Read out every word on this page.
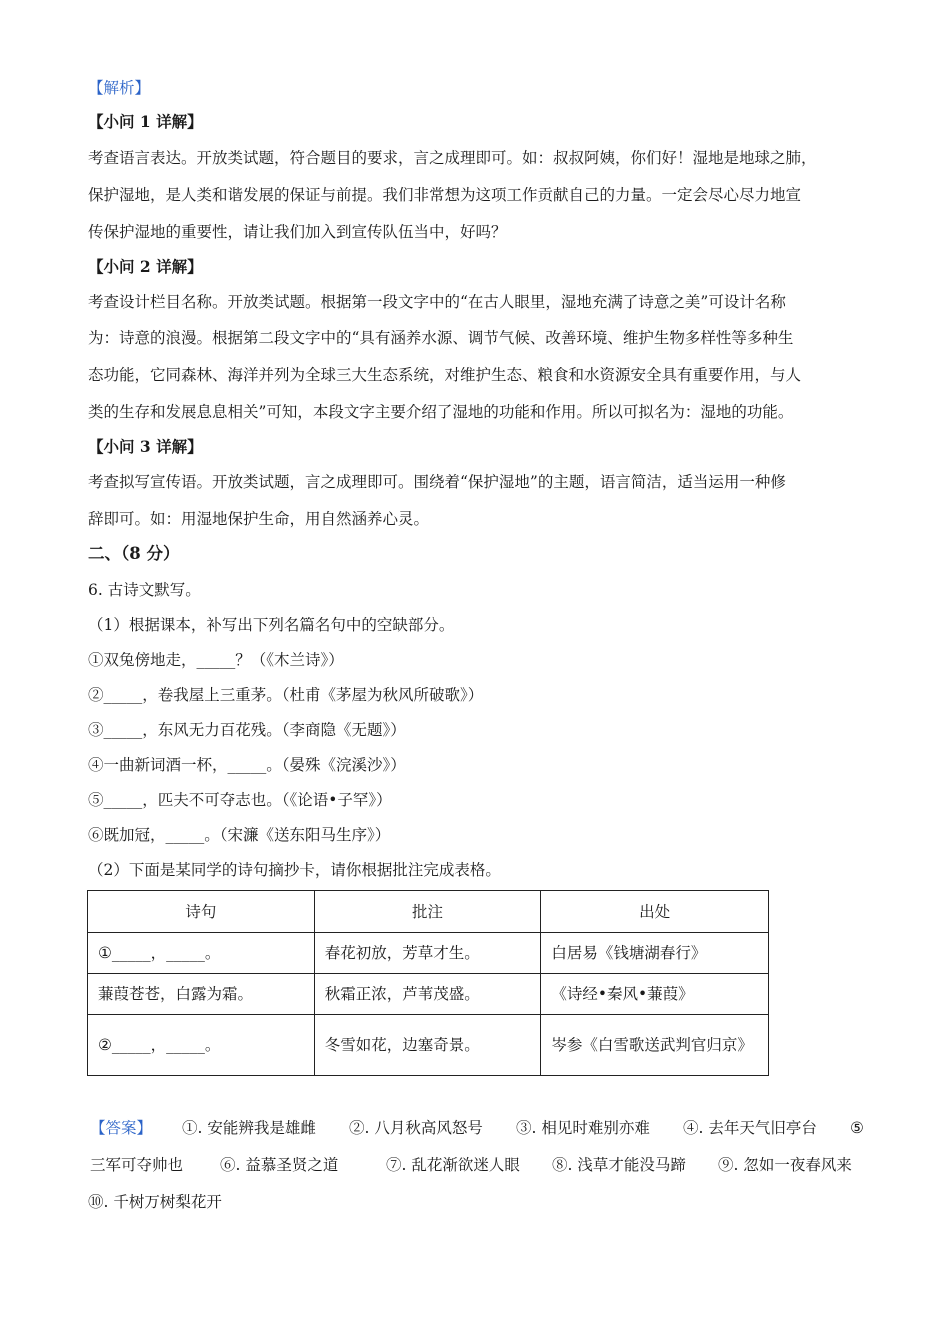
【解析】
【小问 1 详解】
考查语言表达。开放类试题，符合题目的要求，言之成理即可。如：叔叔阿姨，你们好！湿地是地球之肺，
保护湿地，是人类和谐发展的保证与前提。我们非常想为这项工作贡献自己的力量。一定会尽心尽力地宣
传保护湿地的重要性，请让我们加入到宣传队伍当中，好吗？
【小问 2 详解】
考查设计栏目名称。开放类试题。根据第一段文字中的“在古人眼里，湿地充满了诗意之美”可设计名称
为：诗意的浪漫。根据第二段文字中的“具有涵养水源、调节气候、改善环境、维护生物多样性等多种生
态功能，它同森林、海洋并列为全球三大生态系统，对维护生态、粮食和水资源安全具有重要作用，与人
类的生存和发展息息相关”可知，本段文字主要介绍了湿地的功能和作用。所以可拟名为：湿地的功能。
【小问 3 详解】
考查拟写宣传语。开放类试题，言之成理即可。围绕着“保护湿地”的主题，语言简洁，适当运用一种修
辞即可。如：用湿地保护生命，用自然涵养心灵。
二、（8 分）
6. 古诗文默写。
（1）根据课本，补写出下列名篇名句中的空缺部分。
①双兔傍地走，_____？（《木兰诗》）
②_____，卷我屋上三重茅。（杜甫《茅屋为秋风所破歌》）
③_____，东风无力百花残。（李商隐《无题》）
④一曲新词酒一杯，_____。（晏殊《浣溪沙》）
⑤_____，匹夫不可夺志也。（《论语•子罕》）
⑥既加冠，_____。（宋濂《送东阳马生序》）
（2）下面是某同学的诗句摘抄卡，请你根据批注完成表格。
诗句	批注	出处
①_____，_____。	春花初放，芳草才生。	白居易《钱塘湖春行》
蒹葭苍苍，白露为霜。	秋霜正浓，芦苇茂盛。	《诗经•秦风•蒹葭》
②_____，_____。	冬雪如花，边塞奇景。	岑参《白雪歌送武判官归京》
【答案】 ①. 安能辨我是雄雌 ②. 八月秋高风怒号 ③. 相见时难别亦难 ④. 去年天气旧亭台 ⑤
三军可夺帅也 ⑥. 益慕圣贤之道	⑦. 乱花渐欲迷人眼 ⑧. 浅草才能没马蹄 ⑨. 忽如一夜春风来
⑩. 千树万树梨花开
